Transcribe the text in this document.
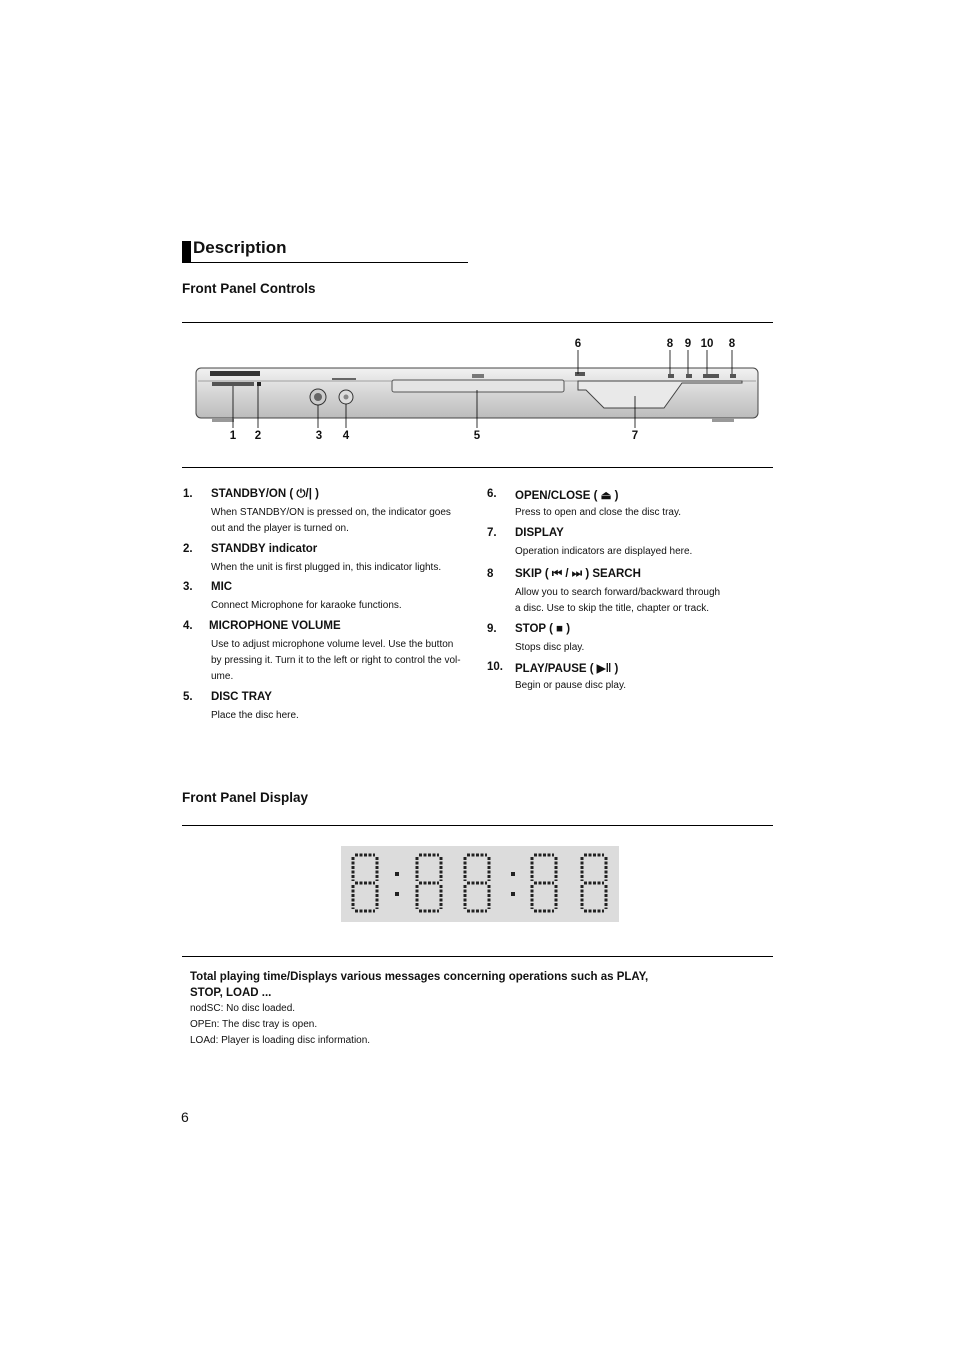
Description
Front Panel Controls
6	8 9 10 8
1 2	3 4	5	7
1. STANDBY/ON ( ⏻/| )
When STANDBY/ON is pressed on, the indicator goes
out and the player is turned on.
2. STANDBY indicator
When the unit is first plugged in, this indicator lights.
3. MIC
Connect Microphone for karaoke functions.
4. MICROPHONE VOLUME
Use to adjust microphone volume level. Use the button
by pressing it. Turn it to the left or right to control the vol-
ume.
5. DISC TRAY
Place the disc here.
6. OPEN/CLOSE ( ⏏ )
Press to open and close the disc tray.
7. DISPLAY
Operation indicators are displayed here.
8 SKIP ( ⏮ / ⏭ ) SEARCH
Allow you to search forward/backward through
a disc. Use to skip the title, chapter or track.
9. STOP ( ■ )
Stops disc play.
10. PLAY/PAUSE ( ▶‖ )
Begin or pause disc play.
Front Panel Display
Total playing time/Displays various messages concerning operations such as PLAY,
STOP, LOAD ...
nodSC: No disc loaded.
OPEn: The disc tray is open.
LOAd: Player is loading disc information.
6
